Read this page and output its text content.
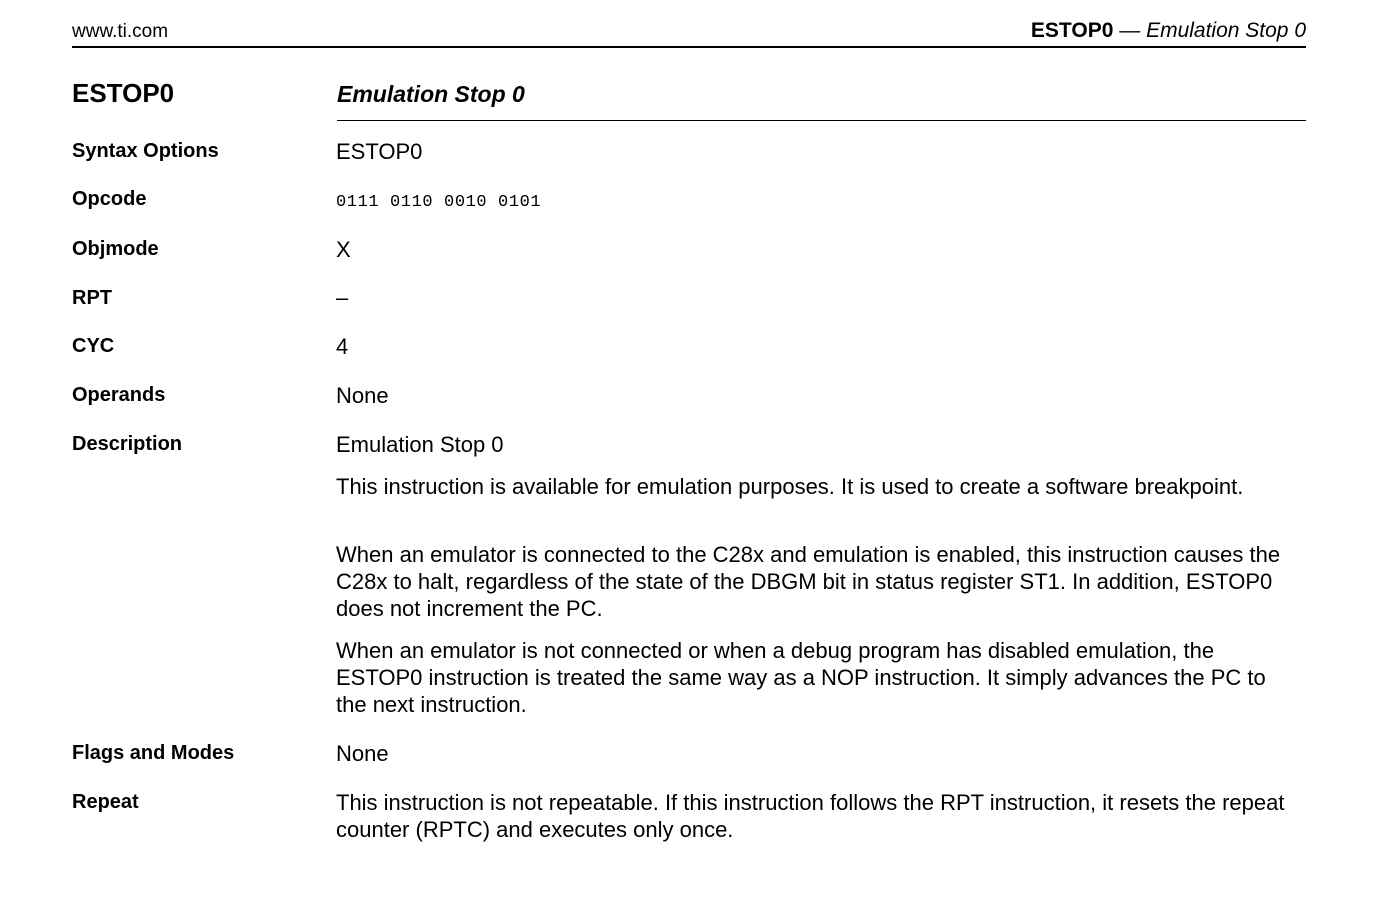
www.ti.com	ESTOP0 — Emulation Stop 0
ESTOP0	Emulation Stop 0
Syntax Options	ESTOP0
Opcode	0111 0110 0010 0101
Objmode	X
RPT	–
CYC	4
Operands	None
Description	Emulation Stop 0
This instruction is available for emulation purposes. It is used to create a software breakpoint.
When an emulator is connected to the C28x and emulation is enabled, this instruction causes the C28x to halt, regardless of the state of the DBGM bit in status register ST1. In addition, ESTOP0 does not increment the PC.
When an emulator is not connected or when a debug program has disabled emulation, the ESTOP0 instruction is treated the same way as a NOP instruction. It simply advances the PC to the next instruction.
Flags and Modes	None
Repeat	This instruction is not repeatable. If this instruction follows the RPT instruction, it resets the repeat counter (RPTC) and executes only once.
